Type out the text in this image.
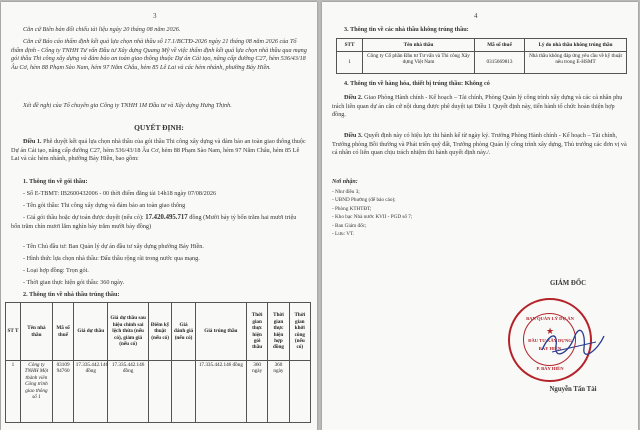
3
Căn cứ Biên bản đối chiếu tài liệu ngày 20 tháng 08 năm 2026.
Căn cứ Báo cáo thẩm định kết quả lựa chọn nhà thầu số 17.1/BCTĐ-2026 ngày 21 tháng 08 năm 2026 của Tổ thẩm định - Công ty TNHH Tư vấn Đầu tư Xây dựng Quang Mỹ về việc thẩm định kết quả lựa chọn nhà thầu qua mạng gói thầu Thi công xây dựng và đảm bảo an toàn giao thông thuộc Dự án Cải tạo, nâng cấp đường C27, hẻm 536/43/18 Âu Cơ, hẻm 88 Phạm Sào Nam, hẻm 97 Năm Châu, hẻm 85 Lê Lai và các hẻm nhánh, phường Bảy Hiền.
Xét đề nghị của Tổ chuyên gia Công ty TNHH 1M Đầu tư và Xây dựng Hưng Thịnh.
QUYẾT ĐỊNH:
Điều 1. Phê duyệt kết quả lựa chọn nhà thầu của gói thầu Thi công xây dựng và đảm bảo an toàn giao thông thuộc Dự án Cải tạo, nâng cấp đường C27, hẻm 536/43/18 Âu Cơ, hẻm 88 Phạm Sào Nam, hẻm 97 Năm Châu, hẻm 85 Lê Lai và các hẻm nhánh, phường Bảy Hiền, bao gồm:
1. Thông tin về gói thầu:
- Số E-TBMT: IB2600432006 - 00 thời điểm đăng tải 14h18 ngày 07/08/2026
- Tên gói thầu: Thi công xây dựng và đảm bảo an toàn giao thông
- Giá gói thầu hoặc dự toán được duyệt (nếu có): 17.420.495.717 đồng (Mười bảy tỷ bốn trăm hai mươi triệu bốn trăm chín mươi lăm nghìn bảy trăm mười bảy đồng)
- Tên Chủ đầu tư: Ban Quản lý dự án đầu tư xây dựng phường Bảy Hiền.
- Hình thức lựa chọn nhà thầu: Đấu thầu rộng rãi trong nước qua mạng.
- Loại hợp đồng: Trọn gói.
- Thời gian thực hiện gói thầu: 360 ngày.
2. Thông tin về nhà thầu trúng thầu:
ST T	Tên nhà thầu	Mã số thuế	Giá dự thầu	Giá dự thầu sau hiệu chỉnh sai lệch thừa (nếu có), giảm giá (nếu có)	Điểm kỹ thuật (nếu có)	Giá đánh giá (nếu có)	Giá trúng thầu	Thời gian thực hiện gói thầu	Thời gian thực hiện hợp đồng	Thời gian khởi công (nếu có)
1	Công ty TNHH Một thành viên Công trình giao thông số 1	03109 94760	17.335.442.146 đồng	17.335.442.146 đồng			17.335.442.146 đồng	360 ngày	360 ngày	
4
3. Thông tin về các nhà thầu không trúng thầu:
STT	Tên nhà thầu	Mã số thuế	Lý do nhà thầu không trúng thầu
1	Công ty Cổ phần Đầu tư Tư vấn và Thi công Xây dựng Việt Nam	0315669813	Nhà thầu không đáp ứng yêu cầu về kỹ thuật nêu trong E-HSMT
4. Thông tin về hàng hóa, thiết bị trúng thầu: Không có
Điều 2. Giao Phòng Hành chính - Kế hoạch – Tài chính, Phòng Quản lý công trình xây dựng và các cá nhân phụ trách liên quan dự án căn cứ nội dung được phê duyệt tại Điều 1 Quyết định này, tiến hành tổ chức hoàn thiện hợp đồng.
Điều 3. Quyết định này có hiệu lực thi hành kể từ ngày ký. Trưởng Phòng Hành chính - Kế hoạch – Tài chính, Trưởng phòng Bồi thường và Phát triển quỹ đất, Trưởng phòng Quản lý công trình xây dựng, Thủ trưởng các đơn vị và cá nhân có liên quan chịu trách nhiệm thi hành quyết định này./.
Nơi nhận:
- Như điều 3;
- UBND Phường (để báo cáo);
- Phòng KTHTĐT;
- Kho bạc Nhà nước KVII - PGD số 7;
- Ban Giám đốc;
- Lưu: VT.
GIÁM ĐỐC
BAN QUẢN LÝ DỰ ÁN
★
ĐẦU TƯ XÂY DỰNG
BẢY HIỀN
P. BẢY HIỀN
Nguyễn Tấn Tài
